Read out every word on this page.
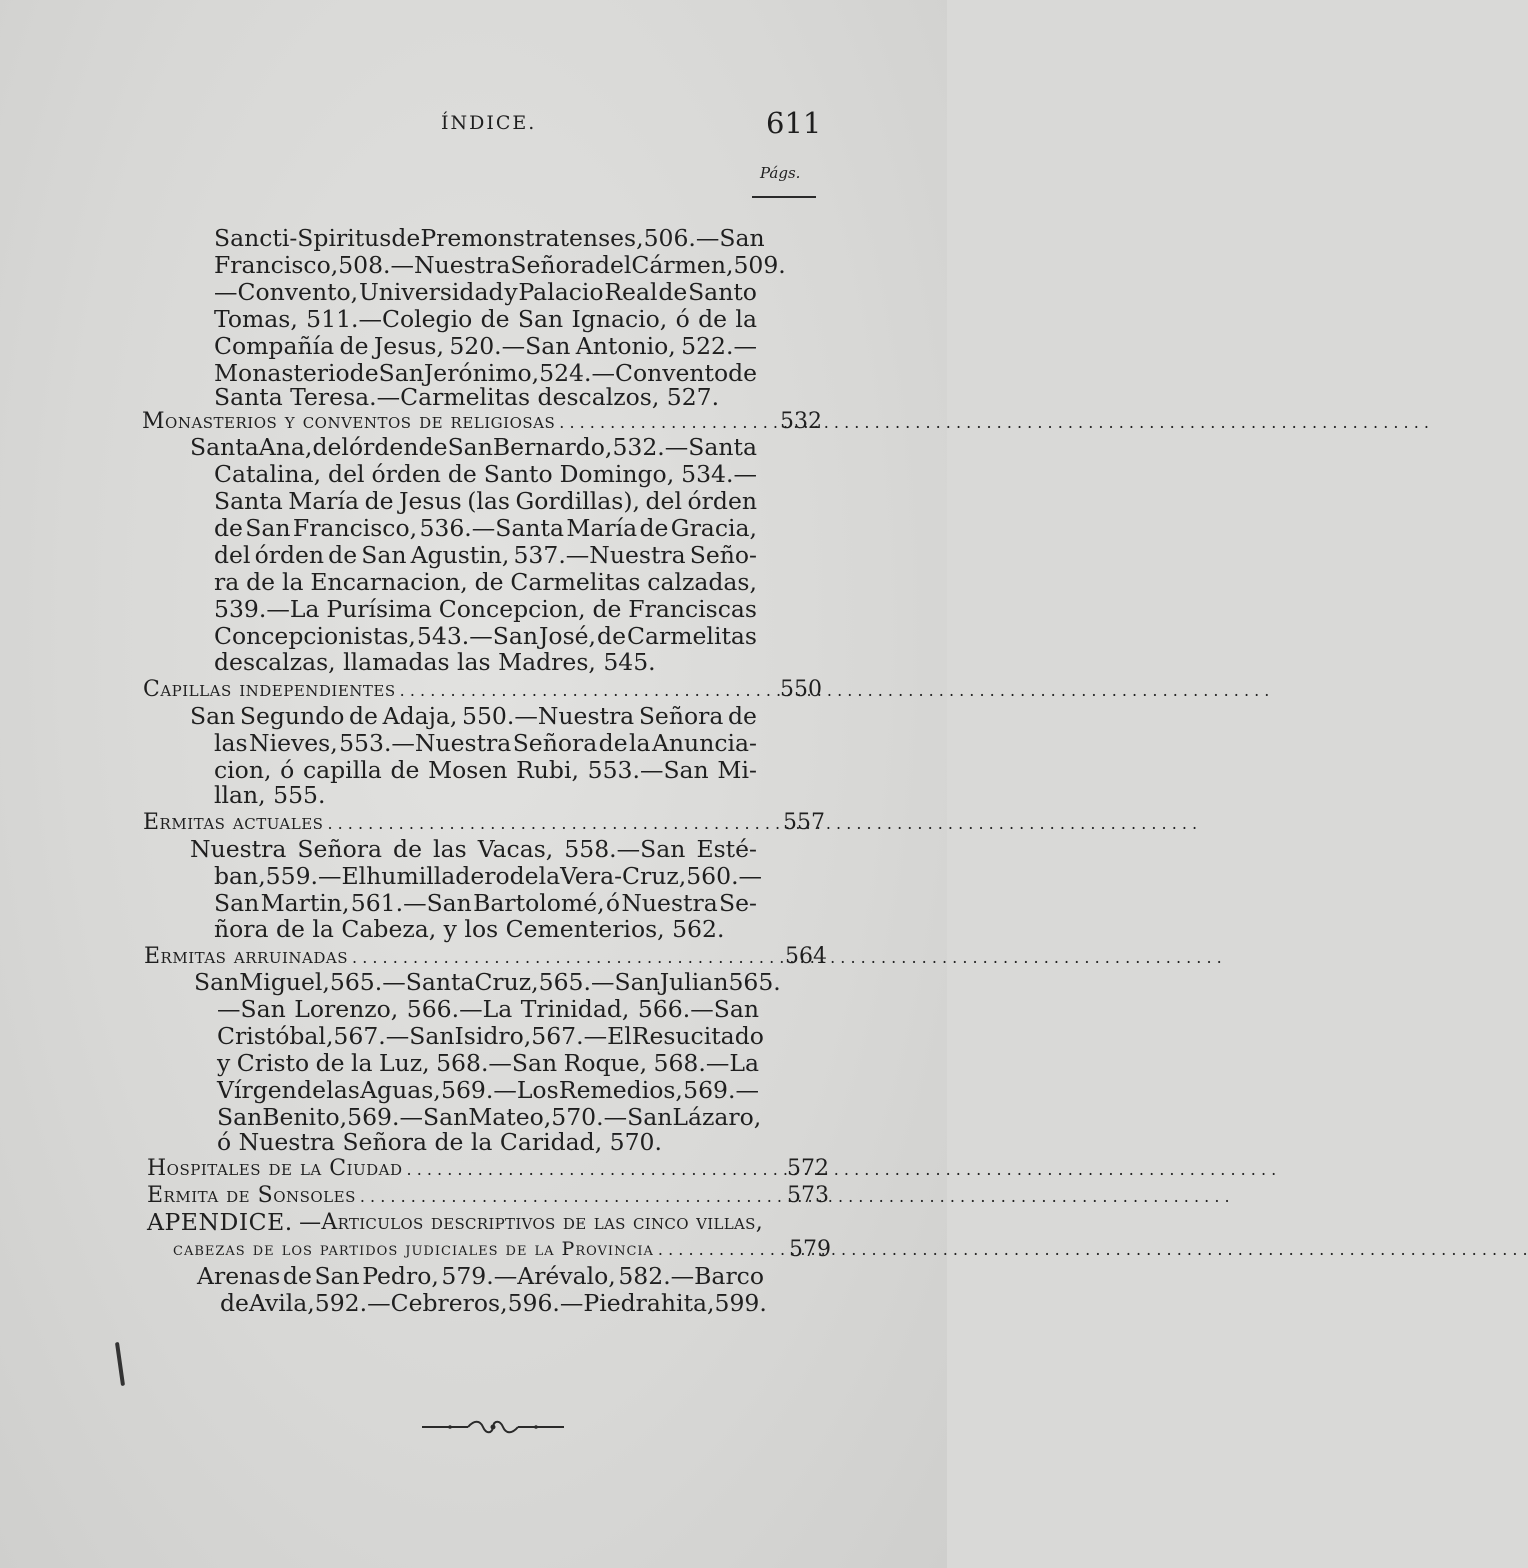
ÍNDICE.	611
Págs.
Sancti-Spiritus de Premonstratenses, 506.—San
Francisco, 508.—Nuestra Señora del Cármen, 509.
—Convento, Universidad y Palacio Real de Santo
Tomas, 511.—Colegio de San Ignacio, ó de la
Compañía de Jesus, 520.—San Antonio, 522.—
Monasterio de San Jerónimo, 524.—Convento de
Santa Teresa.—Carmelitas descalzos, 527.
Monasterios y conventos de religiosas . . .	532
Santa Ana, del órden de San Bernardo, 532.—Santa
Catalina, del órden de Santo Domingo, 534.—
Santa María de Jesus (las Gordillas), del órden
de San Francisco, 536.—Santa María de Gracia,
del órden de San Agustin, 537.—Nuestra Seño-
ra de la Encarnacion, de Carmelitas calzadas,
539.—La Purísima Concepcion, de Franciscas
Concepcionistas, 543.—San José, de Carmelitas
descalzas, llamadas las Madres, 545.
Capillas independientes . . .	550
San Segundo de Adaja, 550.—Nuestra Señora de
las Nieves, 553.—Nuestra Señora de la Anuncia-
cion, ó capilla de Mosen Rubi, 553.—San Mi-
llan, 555.
Ermitas actuales . . .	557
Nuestra Señora de las Vacas, 558.—San Esté-
ban, 559.—El humilladero de la Vera-Cruz, 560.—
San Martin, 561.—San Bartolomé, ó Nuestra Se-
ñora de la Cabeza, y los Cementerios, 562.
Ermitas arruinadas . . .	564
San Miguel, 565.—Santa Cruz, 565.—San Julian 565.
—San Lorenzo, 566.—La Trinidad, 566.—San
Cristóbal, 567.—San Isidro, 567.—El Resucitado
y Cristo de la Luz, 568.—San Roque, 568.—La
Vírgen de las Aguas, 569.—Los Remedios, 569.—
San Benito, 569.—San Mateo, 570.—San Lázaro,
ó Nuestra Señora de la Caridad, 570.
Hospitales de la Ciudad . . .	572
Ermita de Sonsoles . . .	573
APENDICE. —Articulos descriptivos de las cinco villas,
cabezas de los partidos judiciales de la Provincia . . .	579
Arenas de San Pedro, 579.—Arévalo, 582.—Barco
de Avila, 592.—Cebreros, 596.—Piedrahita, 599.
